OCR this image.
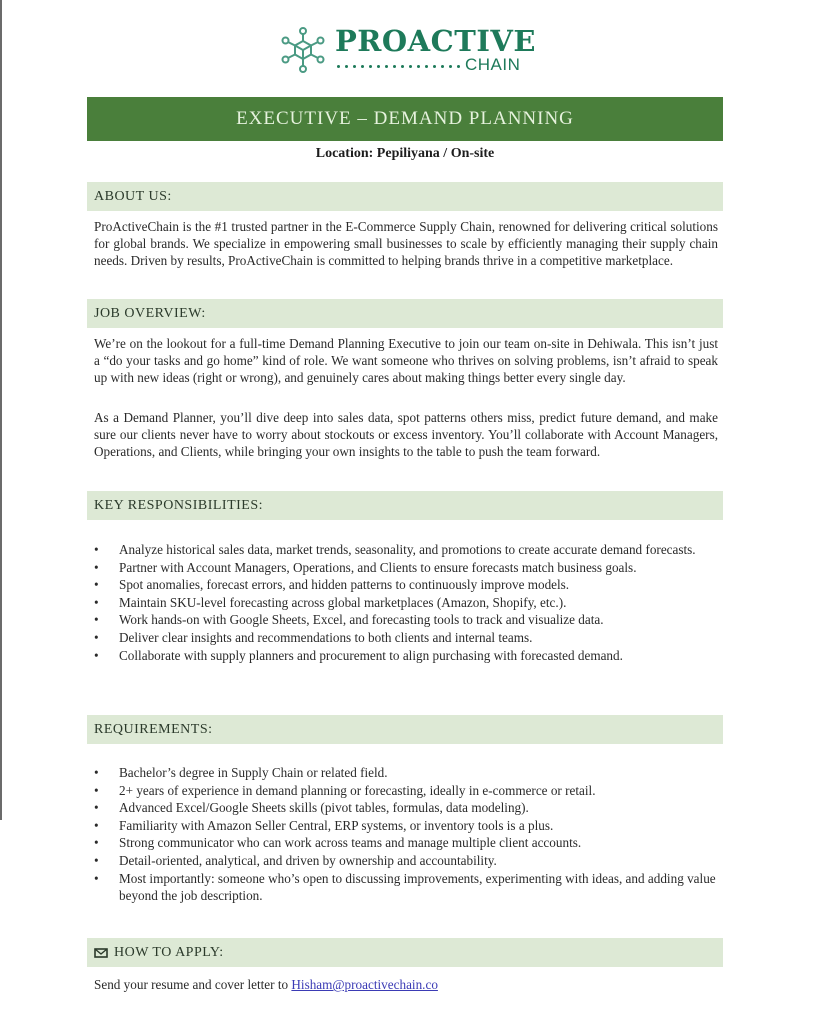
PROACTIVE
CHAIN
EXECUTIVE – DEMAND PLANNING
Location: Pepiliyana / On-site
ABOUT US:

ProActiveChain is the #1 trusted partner in the E-Commerce Supply Chain, renowned for delivering critical solutions for global brands. We specialize in empowering small businesses to scale by efficiently managing their supply chain needs. Driven by results, ProActiveChain is committed to helping brands thrive in a competitive marketplace.

JOB OVERVIEW:

We’re on the lookout for a full-time Demand Planning Executive to join our team on-site in Dehiwala. This isn’t just a “do your tasks and go home” kind of role. We want someone who thrives on solving problems, isn’t afraid to speak up with new ideas (right or wrong), and genuinely cares about making things better every single day.

As a Demand Planner, you’ll dive deep into sales data, spot patterns others miss, predict future demand, and make sure our clients never have to worry about stockouts or excess inventory. You’ll collaborate with Account Managers, Operations, and Clients, while bringing your own insights to the table to push the team forward.

KEY RESPONSIBILITIES:
• Analyze historical sales data, market trends, seasonality, and promotions to create accurate demand forecasts.
• Partner with Account Managers, Operations, and Clients to ensure forecasts match business goals.
• Spot anomalies, forecast errors, and hidden patterns to continuously improve models.
• Maintain SKU-level forecasting across global marketplaces (Amazon, Shopify, etc.).
• Work hands-on with Google Sheets, Excel, and forecasting tools to track and visualize data.
• Deliver clear insights and recommendations to both clients and internal teams.
• Collaborate with supply planners and procurement to align purchasing with forecasted demand.
REQUIREMENTS:
• Bachelor’s degree in Supply Chain or related field.
• 2+ years of experience in demand planning or forecasting, ideally in e-commerce or retail.
• Advanced Excel/Google Sheets skills (pivot tables, formulas, data modeling).
• Familiarity with Amazon Seller Central, ERP systems, or inventory tools is a plus.
• Strong communicator who can work across teams and manage multiple client accounts.
• Detail-oriented, analytical, and driven by ownership and accountability.
• Most importantly: someone who’s open to discussing improvements, experimenting with ideas, and adding value beyond the job description.
HOW TO APPLY:

Send your resume and cover letter to Hisham@proactivechain.co
